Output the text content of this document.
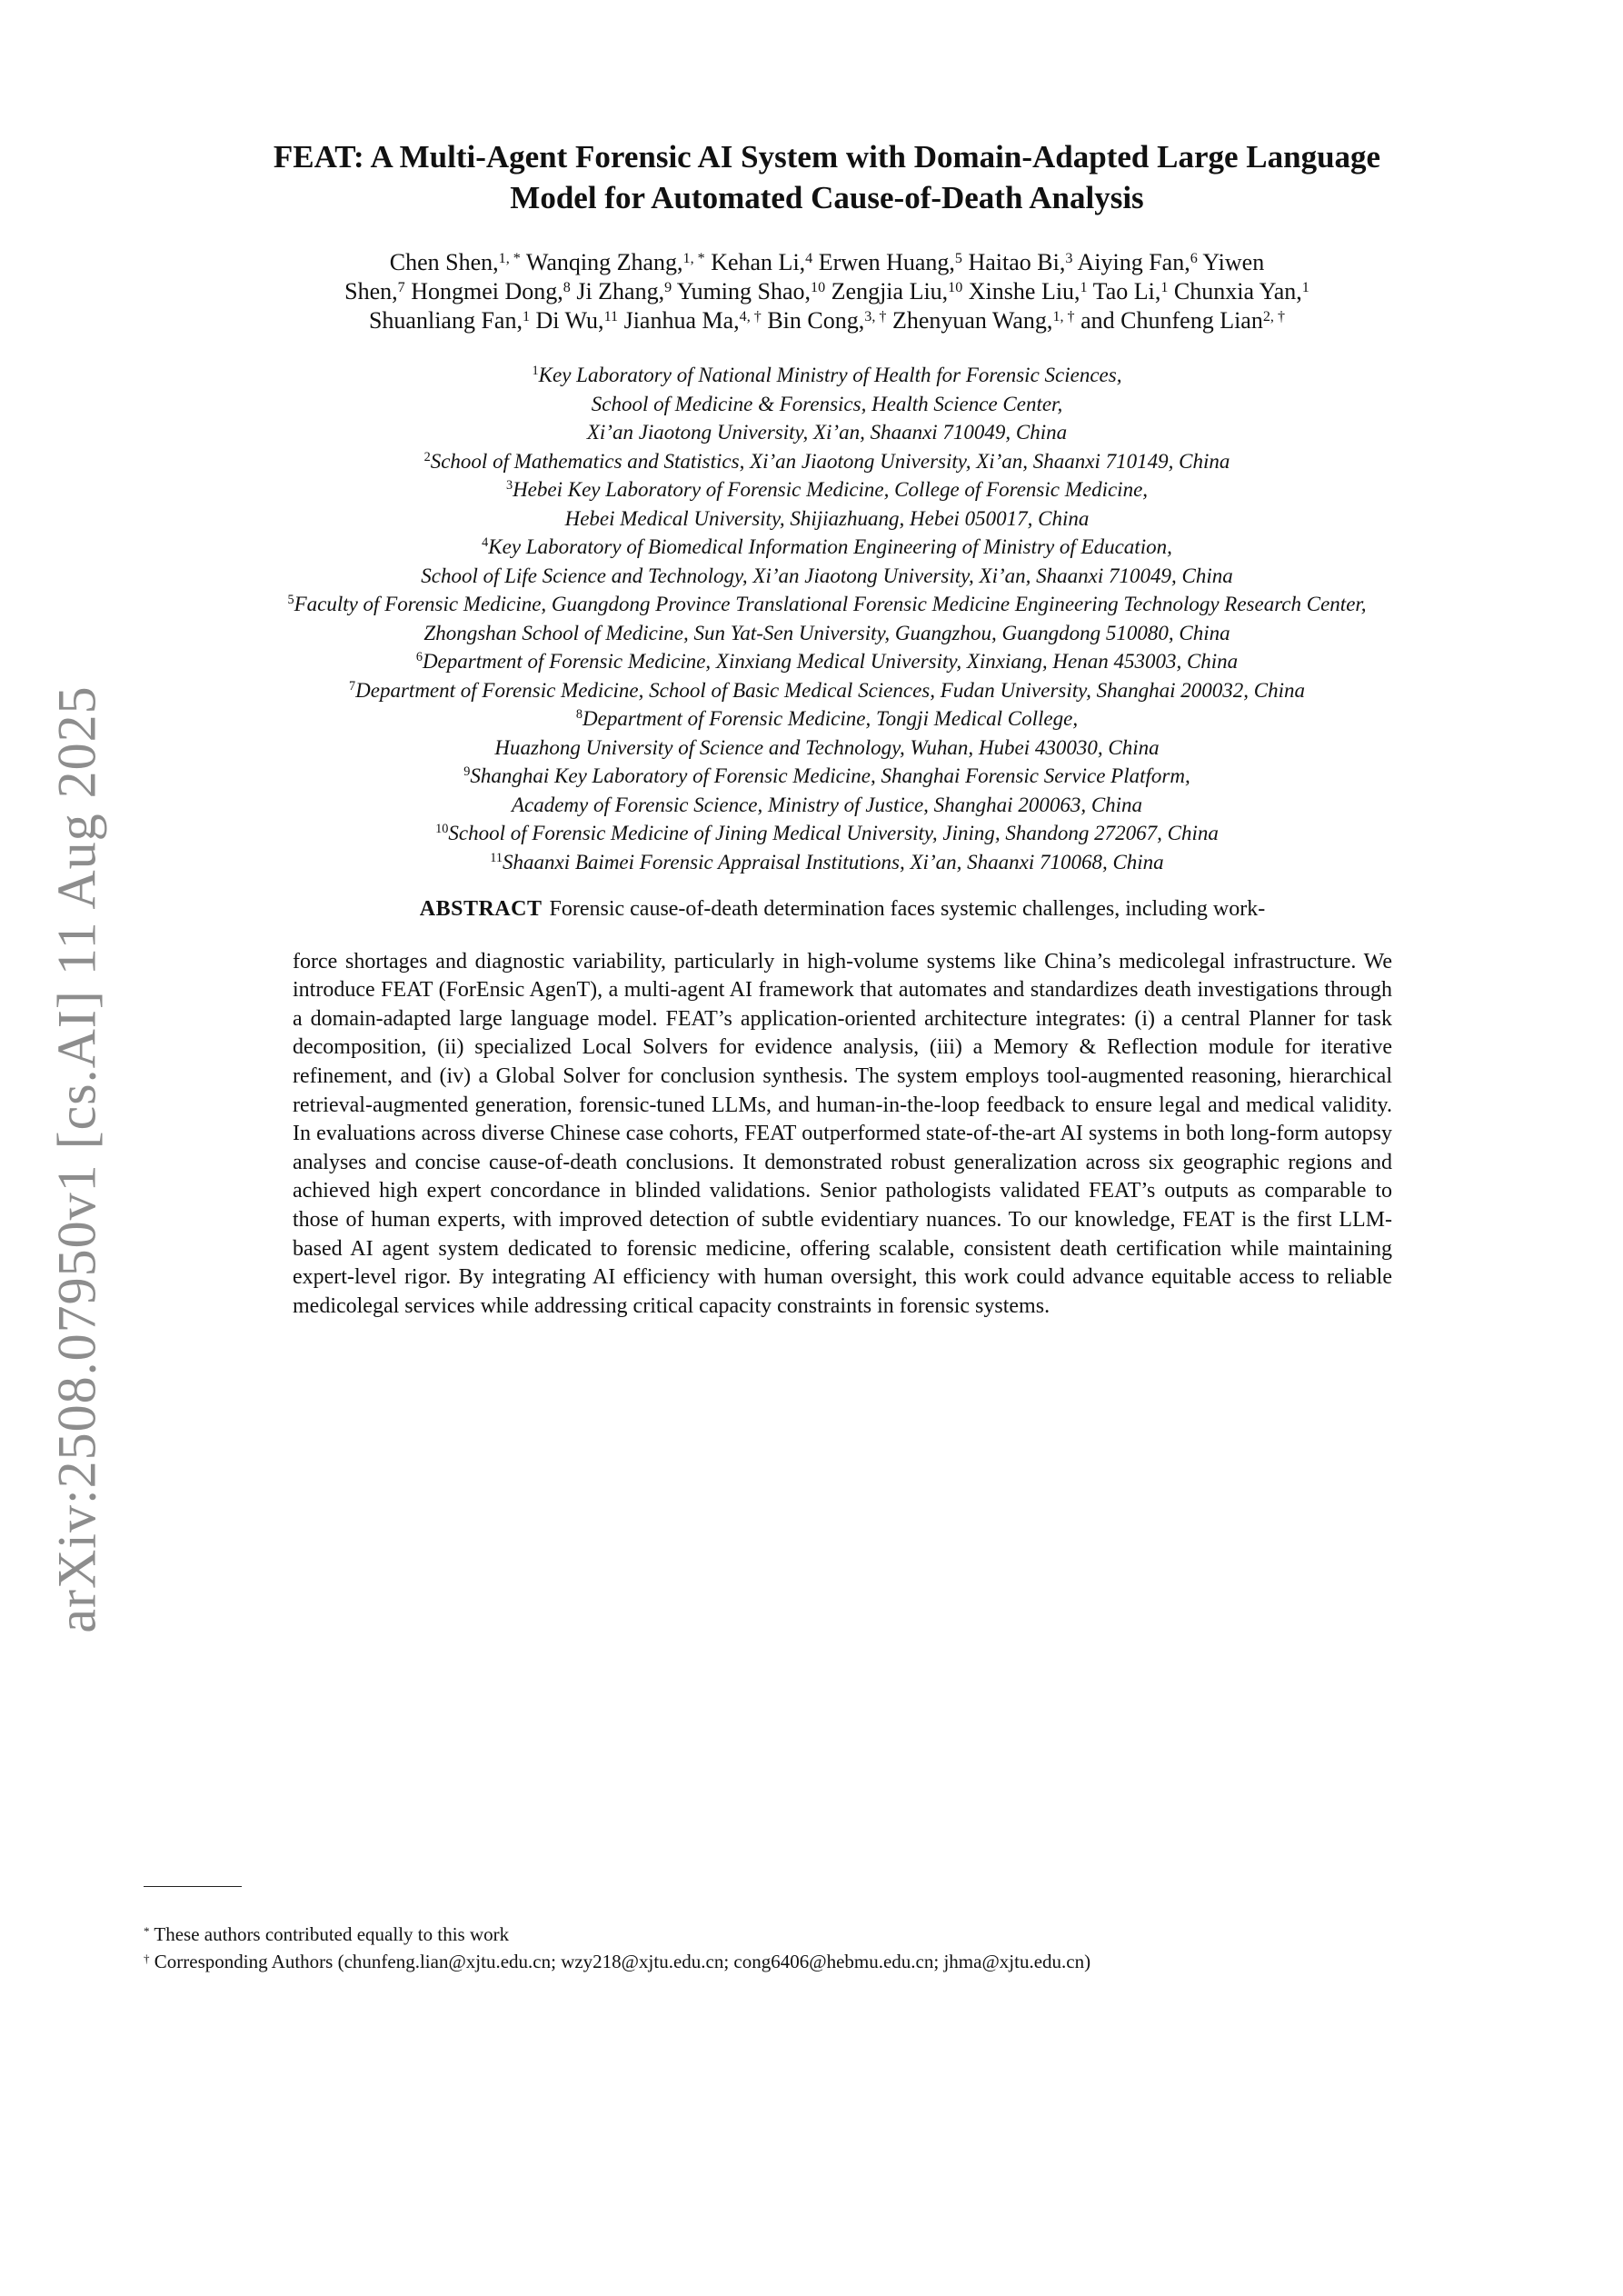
arXiv:2508.07950v1 [cs.AI] 11 Aug 2025
FEAT: A Multi-Agent Forensic AI System with Domain-Adapted Large Language
Model for Automated Cause-of-Death Analysis
Chen Shen,$^{1, *}$ Wanqing Zhang,$^{1, *}$ Kehan Li,$^4$ Erwen Huang,$^5$ Haitao Bi,$^3$ Aiying Fan,$^6$ Yiwen
Shen,$^7$ Hongmei Dong,$^8$ Ji Zhang,$^9$ Yuming Shao,$^{10}$ Zengjia Liu,$^{10}$ Xinshe Liu,$^1$ Tao Li,$^1$ Chunxia Yan,$^1$
Shuanliang Fan,$^1$ Di Wu,$^{11}$ Jianhua Ma,$^{4, \dagger}$ Bin Cong,$^{3, \dagger}$ Zhenyuan Wang,$^{1, \dagger}$ and Chunfeng Lian$^{2, \dagger}$
$^1$Key Laboratory of National Ministry of Health for Forensic Sciences,
School of Medicine & Forensics, Health Science Center,
Xi’an Jiaotong University, Xi’an, Shaanxi 710049, China
$^2$School of Mathematics and Statistics, Xi’an Jiaotong University, Xi’an, Shaanxi 710149, China
$^3$Hebei Key Laboratory of Forensic Medicine, College of Forensic Medicine,
Hebei Medical University, Shijiazhuang, Hebei 050017, China
$^4$Key Laboratory of Biomedical Information Engineering of Ministry of Education,
School of Life Science and Technology, Xi’an Jiaotong University, Xi’an, Shaanxi 710049, China
$^5$Faculty of Forensic Medicine, Guangdong Province Translational Forensic Medicine Engineering Technology Research Center,
Zhongshan School of Medicine, Sun Yat-Sen University, Guangzhou, Guangdong 510080, China
$^6$Department of Forensic Medicine, Xinxiang Medical University, Xinxiang, Henan 453003, China
$^7$Department of Forensic Medicine, School of Basic Medical Sciences, Fudan University, Shanghai 200032, China
$^8$Department of Forensic Medicine, Tongji Medical College,
Huazhong University of Science and Technology, Wuhan, Hubei 430030, China
$^9$Shanghai Key Laboratory of Forensic Medicine, Shanghai Forensic Service Platform,
Academy of Forensic Science, Ministry of Justice, Shanghai 200063, China
$^{10}$School of Forensic Medicine of Jining Medical University, Jining, Shandong 272067, China
$^{11}$Shaanxi Baimei Forensic Appraisal Institutions, Xi’an, Shaanxi 710068, China
ABSTRACT Forensic cause-of-death determination faces systemic challenges, including work-
force shortages and diagnostic variability, particularly in high-volume systems like China’s medicolegal infrastructure. We introduce FEAT (ForEnsic AgenT), a multi-agent AI framework that automates and standardizes death investigations through a domain-adapted large language model. FEAT’s application-oriented architecture integrates: (i) a central Planner for task decomposition, (ii) specialized Local Solvers for evidence analysis, (iii) a Memory & Reflection module for iterative refinement, and (iv) a Global Solver for conclusion synthesis. The system employs tool-augmented reasoning, hierarchical retrieval-augmented generation, forensic-tuned LLMs, and human-in-the-loop feedback to ensure legal and medical validity. In evaluations across diverse Chinese case cohorts, FEAT outperformed state-of-the-art AI systems in both long-form autopsy analyses and concise cause-of-death conclusions. It demonstrated robust generalization across six geographic regions and achieved high expert concordance in blinded validations. Senior pathologists validated FEAT’s outputs as comparable to those of human experts, with improved detection of subtle evidentiary nuances. To our knowledge, FEAT is the first LLM-based AI agent system dedicated to forensic medicine, offering scalable, consistent death certification while maintaining expert-level rigor. By integrating AI efficiency with human oversight, this work could advance equitable access to reliable medicolegal services while addressing critical capacity constraints in forensic systems.
* These authors contributed equally to this work
† Corresponding Authors (chunfeng.lian@xjtu.edu.cn; wzy218@xjtu.edu.cn; cong6406@hebmu.edu.cn; jhma@xjtu.edu.cn)
